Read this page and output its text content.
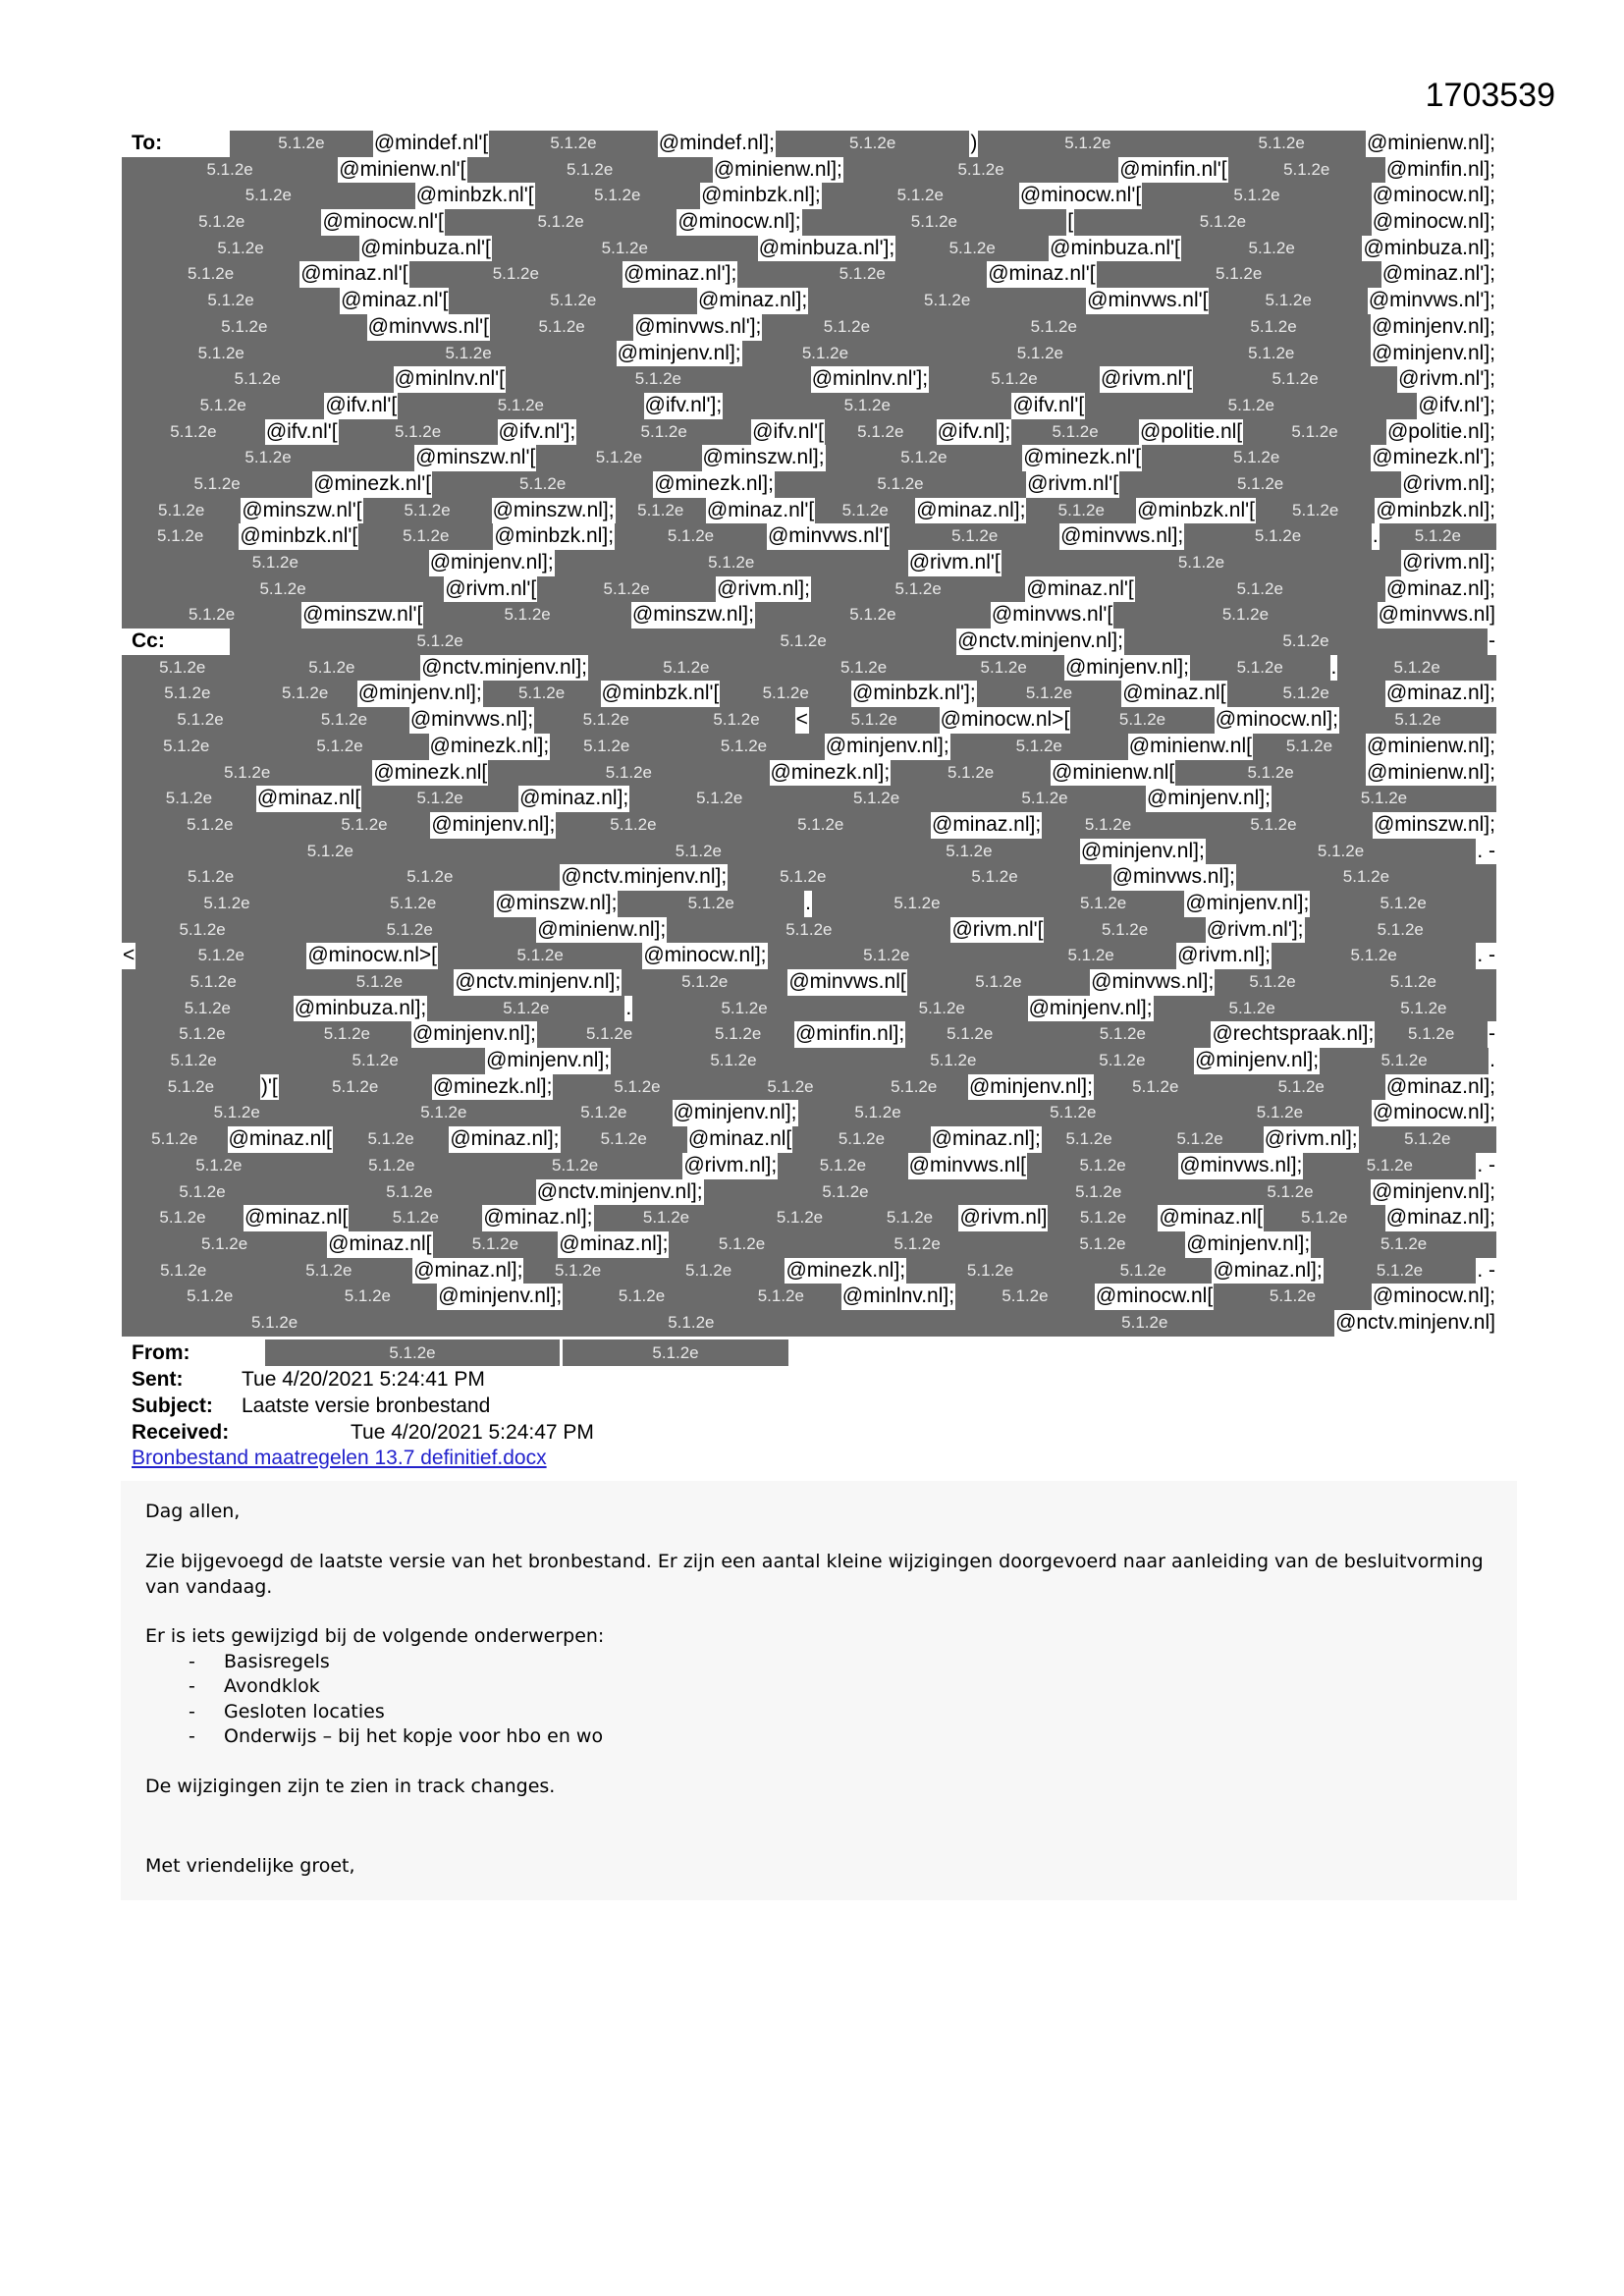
1703539
To:	5.1.2e	@mindef.nl'[	5.1.2e	@mindef.nl];	5.1.2e	)	5.1.2e	5.1.2e	@minienw.nl];
5.1.2e	@minienw.nl'[	5.1.2e	@minienw.nl];	5.1.2e	@minfin.nl'[	5.1.2e	@minfin.nl];
5.1.2e	@minbzk.nl'[	5.1.2e	@minbzk.nl];	5.1.2e	@minocw.nl'[	5.1.2e	@minocw.nl];
5.1.2e	@minocw.nl'[	5.1.2e	@minocw.nl];	5.1.2e	[	5.1.2e	@minocw.nl];
5.1.2e	@minbuza.nl'[	5.1.2e	@minbuza.nl'];	5.1.2e	@minbuza.nl'[	5.1.2e	@minbuza.nl];
5.1.2e	@minaz.nl'[	5.1.2e	@minaz.nl'];	5.1.2e	@minaz.nl'[	5.1.2e	@minaz.nl'];
5.1.2e	@minaz.nl'[	5.1.2e	@minaz.nl];	5.1.2e	@minvws.nl'[	5.1.2e	@minvws.nl'];
5.1.2e	@minvws.nl'[	5.1.2e	@minvws.nl'];	5.1.2e	5.1.2e	5.1.2e	@minjenv.nl];
5.1.2e	5.1.2e	@minjenv.nl];	5.1.2e	5.1.2e	5.1.2e	@minjenv.nl];
5.1.2e	@minlnv.nl'[	5.1.2e	@minlnv.nl'];	5.1.2e	@rivm.nl'[	5.1.2e	@rivm.nl'];
5.1.2e	@ifv.nl'[	5.1.2e	@ifv.nl'];	5.1.2e	@ifv.nl'[	5.1.2e	@ifv.nl'];
5.1.2e	@ifv.nl'[	5.1.2e	@ifv.nl'];	5.1.2e	@ifv.nl'[	5.1.2e	@ifv.nl];	5.1.2e	@politie.nl[	5.1.2e	@politie.nl];
5.1.2e	@minszw.nl'[	5.1.2e	@minszw.nl];	5.1.2e	@minezk.nl'[	5.1.2e	@minezk.nl'];
5.1.2e	@minezk.nl'[	5.1.2e	@minezk.nl];	5.1.2e	@rivm.nl'[	5.1.2e	@rivm.nl];
5.1.2e	@minszw.nl'[	5.1.2e	@minszw.nl];	5.1.2e	@minaz.nl'[	5.1.2e	@minaz.nl];	5.1.2e	@minbzk.nl'[	5.1.2e	@minbzk.nl];
5.1.2e	@minbzk.nl'[	5.1.2e	@minbzk.nl];	5.1.2e	@minvws.nl'[	5.1.2e	@minvws.nl];	5.1.2e	.	5.1.2e
5.1.2e	@minjenv.nl];	5.1.2e	@rivm.nl'[	5.1.2e	@rivm.nl];
5.1.2e	@rivm.nl'[	5.1.2e	@rivm.nl];	5.1.2e	@minaz.nl'[	5.1.2e	@minaz.nl];
5.1.2e	@minszw.nl'[	5.1.2e	@minszw.nl];	5.1.2e	@minvws.nl'[	5.1.2e	@minvws.nl]
Cc:	5.1.2e	5.1.2e	@nctv.minjenv.nl];	5.1.2e	-
5.1.2e	5.1.2e	@nctv.minjenv.nl];	5.1.2e	5.1.2e	5.1.2e	@minjenv.nl];	5.1.2e	.	5.1.2e
5.1.2e	5.1.2e	@minjenv.nl];	5.1.2e	@minbzk.nl'[	5.1.2e	@minbzk.nl'];	5.1.2e	@minaz.nl[	5.1.2e	@minaz.nl];
5.1.2e	5.1.2e	@minvws.nl];	5.1.2e	5.1.2e	<	5.1.2e	@minocw.nl>[	5.1.2e	@minocw.nl];	5.1.2e
5.1.2e	5.1.2e	@minezk.nl];	5.1.2e	5.1.2e	@minjenv.nl];	5.1.2e	@minienw.nl[	5.1.2e	@minienw.nl];
5.1.2e	@minezk.nl[	5.1.2e	@minezk.nl];	5.1.2e	@minienw.nl[	5.1.2e	@minienw.nl];
5.1.2e	@minaz.nl[	5.1.2e	@minaz.nl];	5.1.2e	5.1.2e	5.1.2e	@minjenv.nl];	5.1.2e
5.1.2e	5.1.2e	@minjenv.nl];	5.1.2e	5.1.2e	@minaz.nl];	5.1.2e	5.1.2e	@minszw.nl];
5.1.2e	5.1.2e	5.1.2e	@minjenv.nl];	5.1.2e	. -
5.1.2e	5.1.2e	@nctv.minjenv.nl];	5.1.2e	5.1.2e	@minvws.nl];	5.1.2e
5.1.2e	5.1.2e	@minszw.nl];	5.1.2e	.	5.1.2e	5.1.2e	@minjenv.nl];	5.1.2e
5.1.2e	5.1.2e	@minienw.nl];	5.1.2e	@rivm.nl'[	5.1.2e	@rivm.nl'];	5.1.2e
<	5.1.2e	@minocw.nl>[	5.1.2e	@minocw.nl];	5.1.2e	5.1.2e	@rivm.nl];	5.1.2e	. -
5.1.2e	5.1.2e	@nctv.minjenv.nl];	5.1.2e	@minvws.nl[	5.1.2e	@minvws.nl];	5.1.2e	5.1.2e
5.1.2e	@minbuza.nl];	5.1.2e	.	5.1.2e	5.1.2e	@minjenv.nl];	5.1.2e	5.1.2e
5.1.2e	5.1.2e	@minjenv.nl];	5.1.2e	5.1.2e	@minfin.nl];	5.1.2e	5.1.2e	@rechtspraak.nl];	5.1.2e	-
5.1.2e	5.1.2e	@minjenv.nl];	5.1.2e	5.1.2e	5.1.2e	@minjenv.nl];	5.1.2e	.
5.1.2e	)'[	5.1.2e	@minezk.nl];	5.1.2e	5.1.2e	5.1.2e	@minjenv.nl];	5.1.2e	5.1.2e	@minaz.nl];
5.1.2e	5.1.2e	5.1.2e	@minjenv.nl];	5.1.2e	5.1.2e	5.1.2e	@minocw.nl];
5.1.2e	@minaz.nl[	5.1.2e	@minaz.nl];	5.1.2e	@minaz.nl[	5.1.2e	@minaz.nl];	5.1.2e	5.1.2e	@rivm.nl];	5.1.2e
5.1.2e	5.1.2e	5.1.2e	@rivm.nl];	5.1.2e	@minvws.nl[	5.1.2e	@minvws.nl];	5.1.2e	. -
5.1.2e	5.1.2e	@nctv.minjenv.nl];	5.1.2e	5.1.2e	5.1.2e	@minjenv.nl];
5.1.2e	@minaz.nl[	5.1.2e	@minaz.nl];	5.1.2e	5.1.2e	5.1.2e	@rivm.nl]	5.1.2e	@minaz.nl[	5.1.2e	@minaz.nl];
5.1.2e	@minaz.nl[	5.1.2e	@minaz.nl];	5.1.2e	5.1.2e	5.1.2e	@minjenv.nl];	5.1.2e
5.1.2e	5.1.2e	@minaz.nl];	5.1.2e	5.1.2e	@minezk.nl];	5.1.2e	5.1.2e	@minaz.nl];	5.1.2e	. -
5.1.2e	5.1.2e	@minjenv.nl];	5.1.2e	5.1.2e	@minlnv.nl];	5.1.2e	@minocw.nl[	5.1.2e	@minocw.nl];
5.1.2e	5.1.2e	5.1.2e	@nctv.minjenv.nl]
From:	5.1.2e	5.1.2e
Sent:	Tue 4/20/2021 5:24:41 PM
Subject: Laatste versie bronbestand
Received:	Tue 4/20/2021 5:24:47 PM
Bronbestand maatregelen 13.7 definitief.docx

Dag allen,

Zie bijgevoegd de laatste versie van het bronbestand. Er zijn een aantal kleine wijzigingen doorgevoerd naar aanleiding van de besluitvorming van vandaag.

Er is iets gewijzigd bij de volgende onderwerpen:

- Basisregels
- Avondklok
- Gesloten locaties
- Onderwijs – bij het kopje voor hbo en wo

De wijzigingen zijn te zien in track changes.

Met vriendelijke groet,
